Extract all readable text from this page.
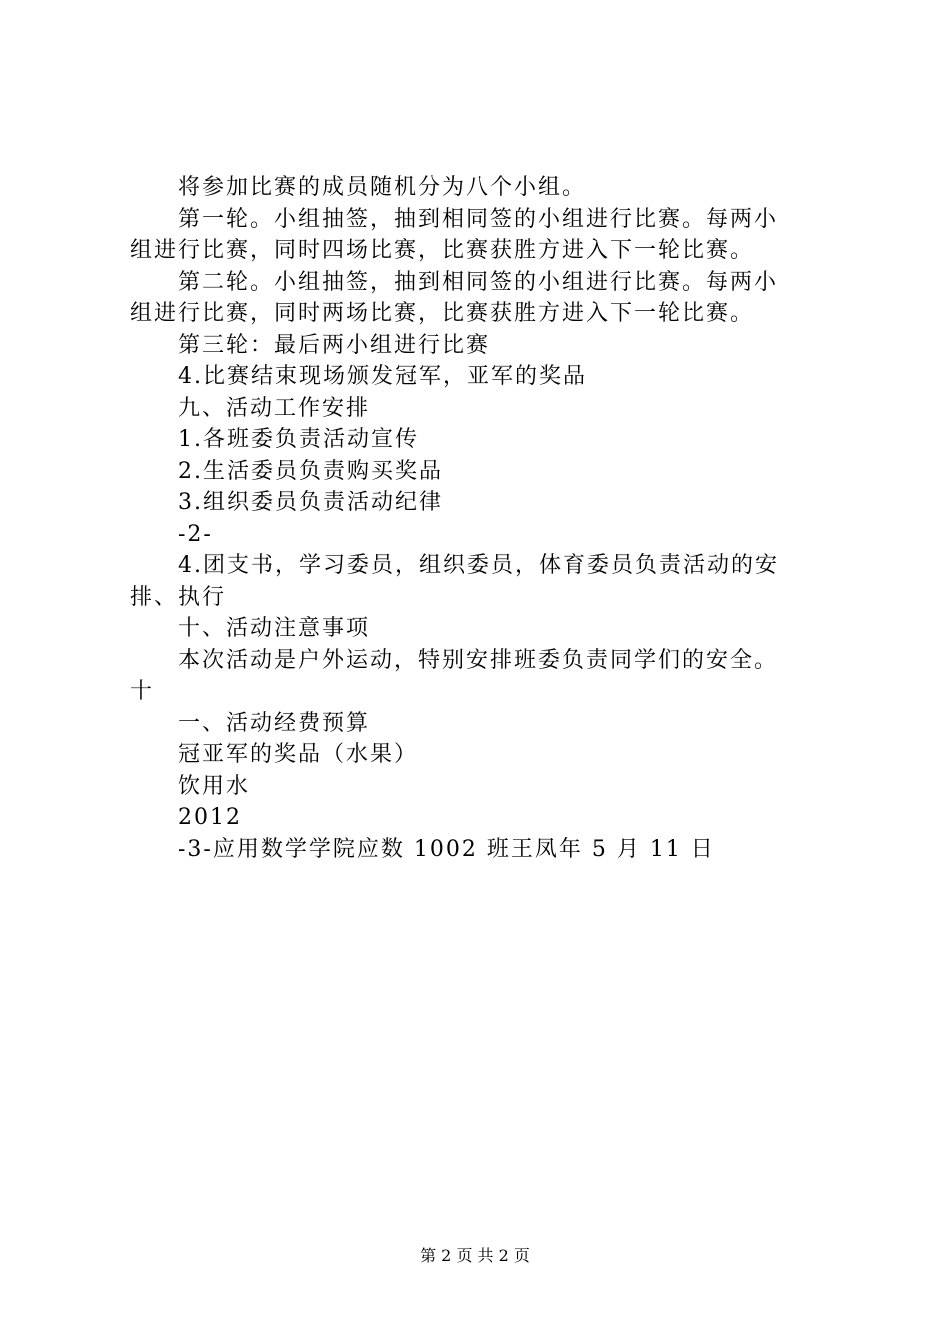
将参加比赛的成员随机分为八个小组。
第一轮。小组抽签，抽到相同签的小组进行比赛。每两小
组进行比赛，同时四场比赛，比赛获胜方进入下一轮比赛。
第二轮。小组抽签，抽到相同签的小组进行比赛。每两小
组进行比赛，同时两场比赛，比赛获胜方进入下一轮比赛。
第三轮：最后两小组进行比赛
4.比赛结束现场颁发冠军，亚军的奖品
九、活动工作安排
1.各班委负责活动宣传
2.生活委员负责购买奖品
3.组织委员负责活动纪律
-2-
4.团支书，学习委员，组织委员，体育委员负责活动的安
排、执行
十、活动注意事项
本次活动是户外运动，特别安排班委负责同学们的安全。
十
一、活动经费预算
冠亚军的奖品（水果）
饮用水
2012
-3-应用数学学院应数 1002 班王凤年 5 月 11 日
第 2 页 共 2 页
